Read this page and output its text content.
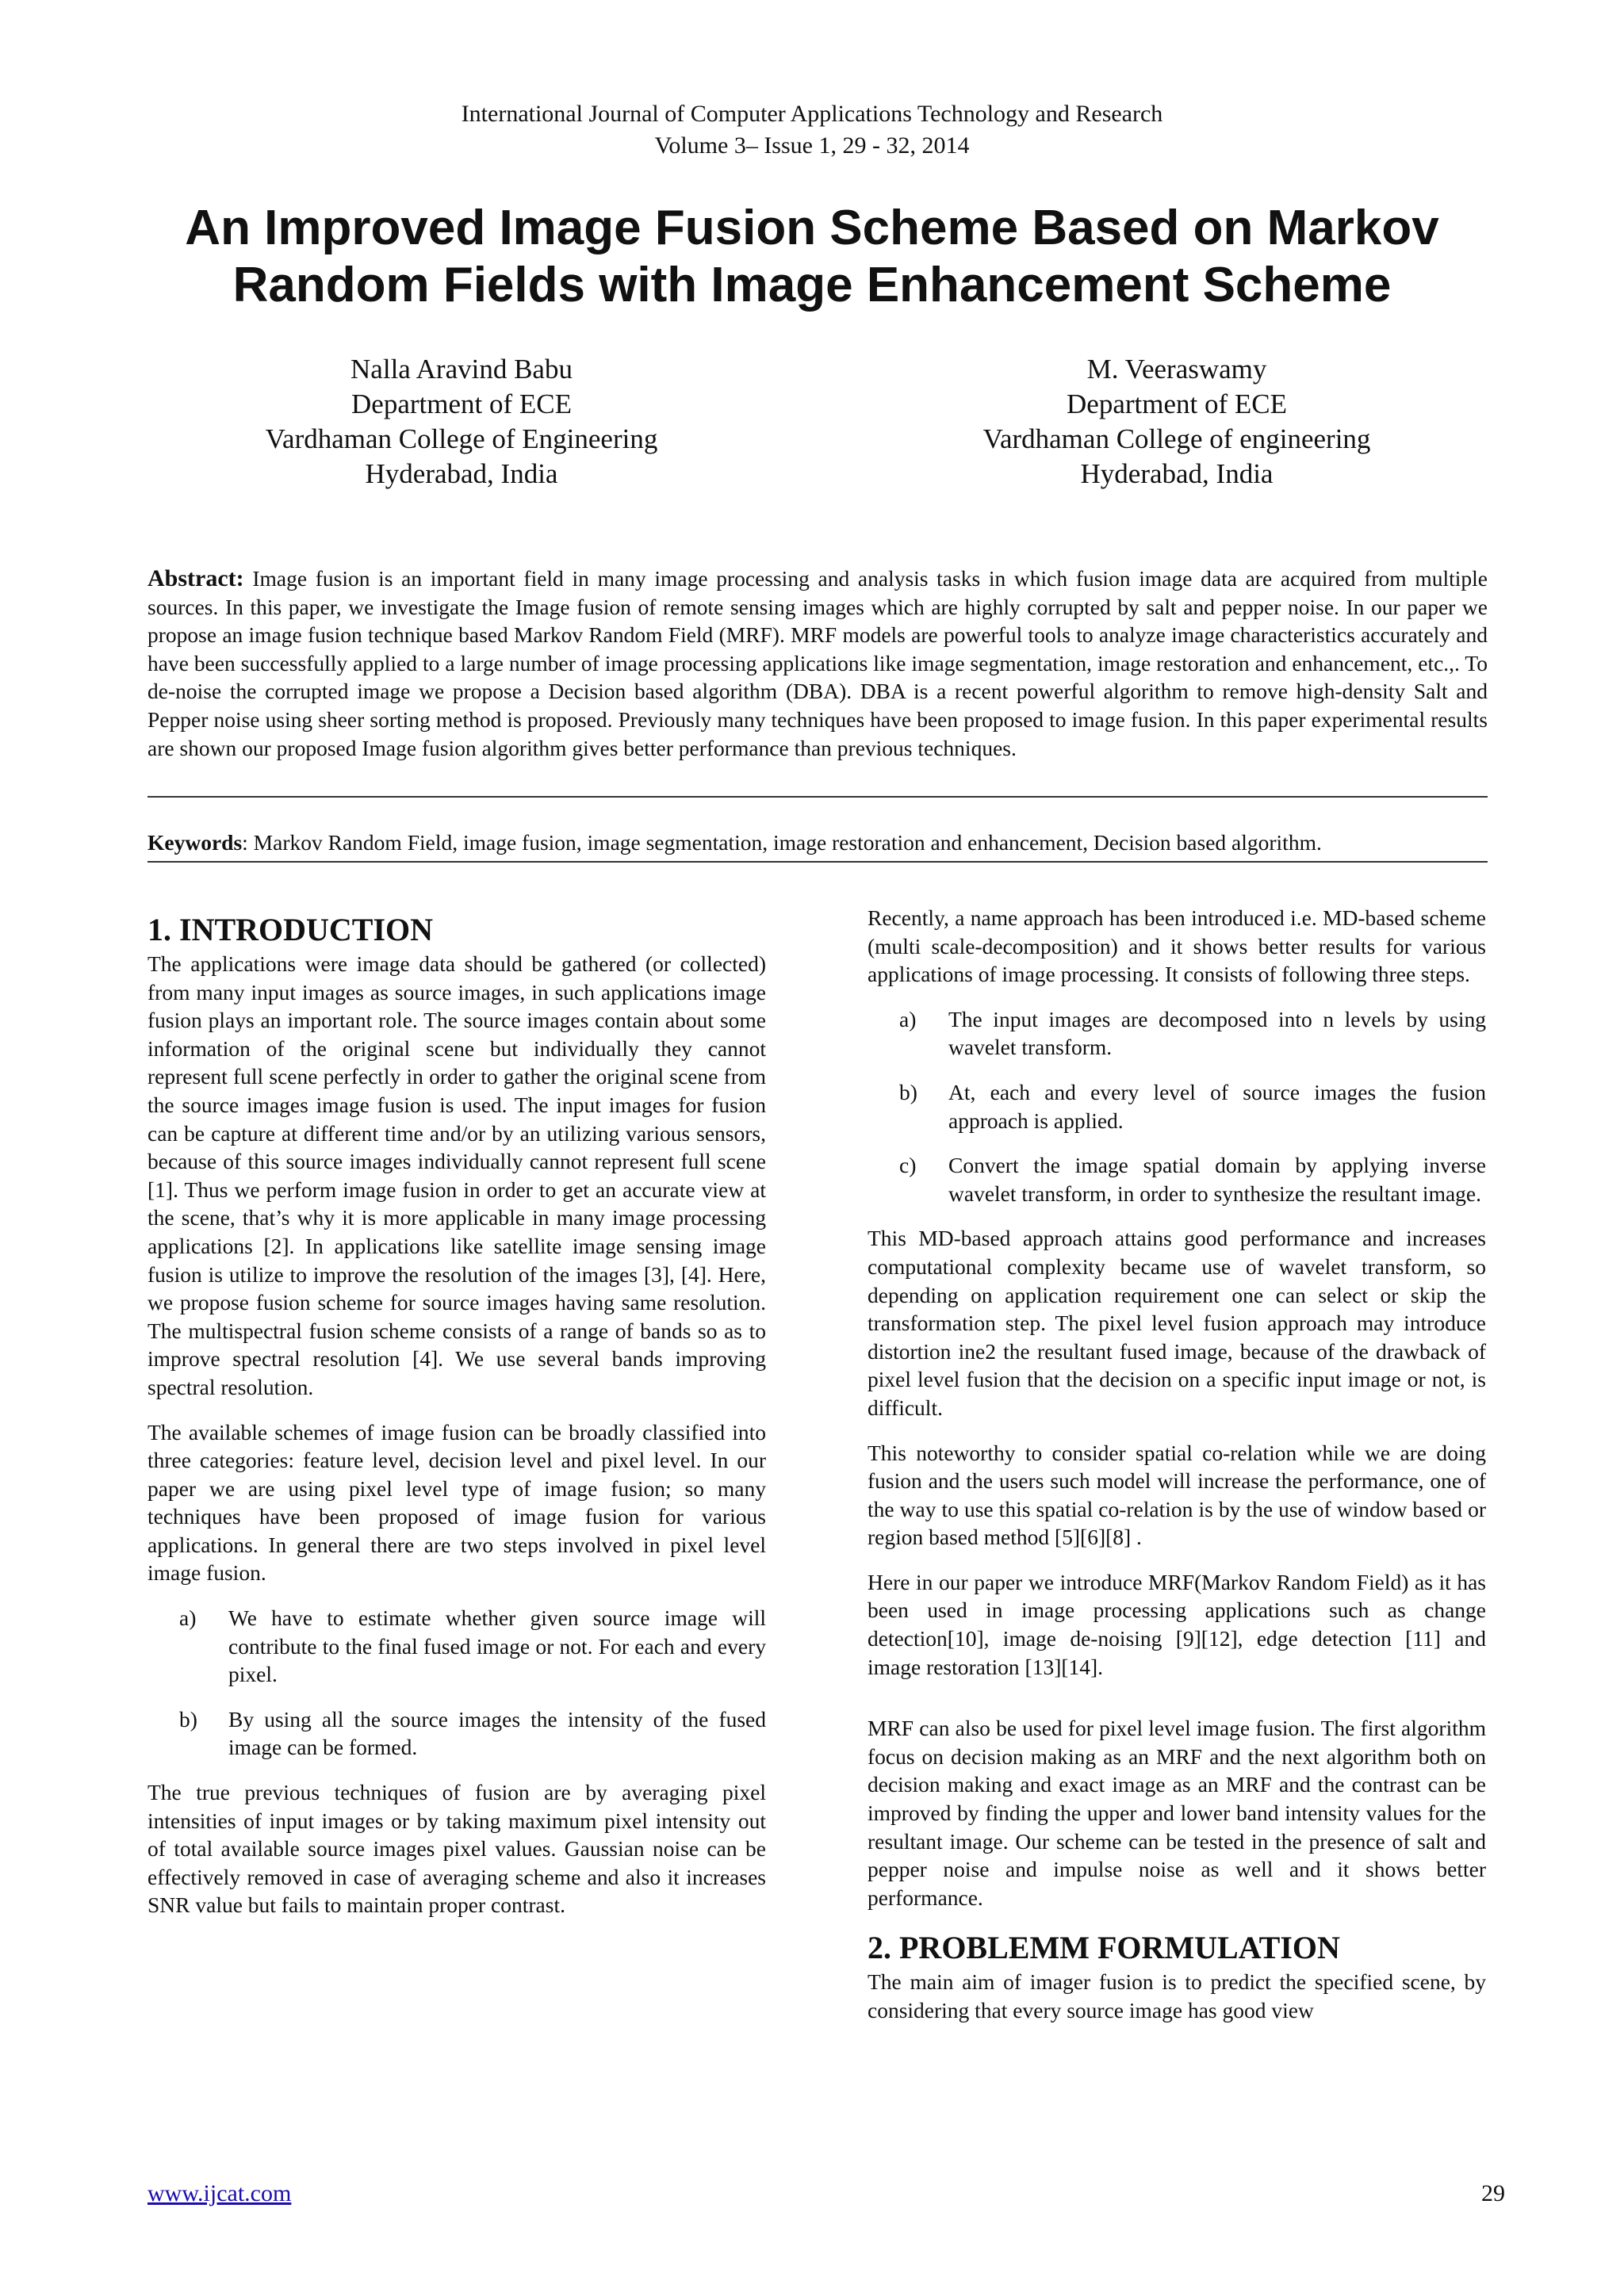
International Journal of Computer Applications Technology and Research
Volume 3– Issue 1, 29 - 32, 2014
An Improved Image Fusion Scheme Based on Markov
Random Fields with Image Enhancement Scheme
Nalla Aravind Babu
Department of ECE
Vardhaman College of Engineering
Hyderabad, India
M. Veeraswamy
Department of ECE
Vardhaman College of engineering
Hyderabad, India
Abstract: Image fusion is an important field in many image processing and analysis tasks in which fusion image data are acquired from multiple sources. In this paper, we investigate the Image fusion of remote sensing images which are highly corrupted by salt and pepper noise. In our paper we propose an image fusion technique based Markov Random Field (MRF). MRF models are powerful tools to analyze image characteristics accurately and have been successfully applied to a large number of image processing applications like image segmentation, image restoration and enhancement, etc.,. To de-noise the corrupted image we propose a Decision based algorithm (DBA). DBA is a recent powerful algorithm to remove high-density Salt and Pepper noise using sheer sorting method is proposed. Previously many techniques have been proposed to image fusion. In this paper experimental results are shown our proposed Image fusion algorithm gives better performance than previous techniques.
Keywords: Markov Random Field, image fusion, image segmentation, image restoration and enhancement, Decision based algorithm.
1. INTRODUCTION

The applications were image data should be gathered (or collected) from many input images as source images, in such applications image fusion plays an important role. The source images contain about some information of the original scene but individually they cannot represent full scene perfectly in order to gather the original scene from the source images image fusion is used. The input images for fusion can be capture at different time and/or by an utilizing various sensors, because of this source images individually cannot represent full scene [1]. Thus we perform image fusion in order to get an accurate view at the scene, that’s why it is more applicable in many image processing applications [2]. In applications like satellite image sensing image fusion is utilize to improve the resolution of the images [3], [4]. Here, we propose fusion scheme for source images having same resolution. The multispectral fusion scheme consists of a range of bands so as to improve spectral resolution [4]. We use several bands improving spectral resolution.

The available schemes of image fusion can be broadly classified into three categories: feature level, decision level and pixel level. In our paper we are using pixel level type of image fusion; so many techniques have been proposed of image fusion for various applications. In general there are two steps involved in pixel level image fusion.

a)	We have to estimate whether given source image will contribute to the final fused image or not. For each and every pixel.
b)	By using all the source images the intensity of the fused image can be formed.

The true previous techniques of fusion are by averaging pixel intensities of input images or by taking maximum pixel intensity out of total available source images pixel values. Gaussian noise can be effectively removed in case of averaging scheme and also it increases SNR value but fails to maintain proper contrast.

Recently, a name approach has been introduced i.e. MD-based scheme (multi scale-decomposition) and it shows better results for various applications of image processing. It consists of following three steps.

a)	The input images are decomposed into n levels by using wavelet transform.
b)	At, each and every level of source images the fusion approach is applied.
c)	Convert the image spatial domain by applying inverse wavelet transform, in order to synthesize the resultant image.

This MD-based approach attains good performance and increases computational complexity became use of wavelet transform, so depending on application requirement one can select or skip the transformation step. The pixel level fusion approach may introduce distortion ine2 the resultant fused image, because of the drawback of pixel level fusion that the decision on a specific input image or not, is difficult.

This noteworthy to consider spatial co-relation while we are doing fusion and the users such model will increase the performance, one of the way to use this spatial co-relation is by the use of window based or region based method [5][6][8] .

Here in our paper we introduce MRF(Markov Random Field) as it has been used in image processing applications such as change detection[10], image de-noising [9][12], edge detection [11] and image restoration [13][14].

MRF can also be used for pixel level image fusion. The first algorithm focus on decision making as an MRF and the next algorithm both on decision making and exact image as an MRF and the contrast can be improved by finding the upper and lower band intensity values for the resultant image. Our scheme can be tested in the presence of salt and pepper noise and impulse noise as well and it shows better performance.

2. PROBLEMM FORMULATION

The main aim of imager fusion is to predict the specified scene, by considering that every source image has good view

www.ijcat.com	29
